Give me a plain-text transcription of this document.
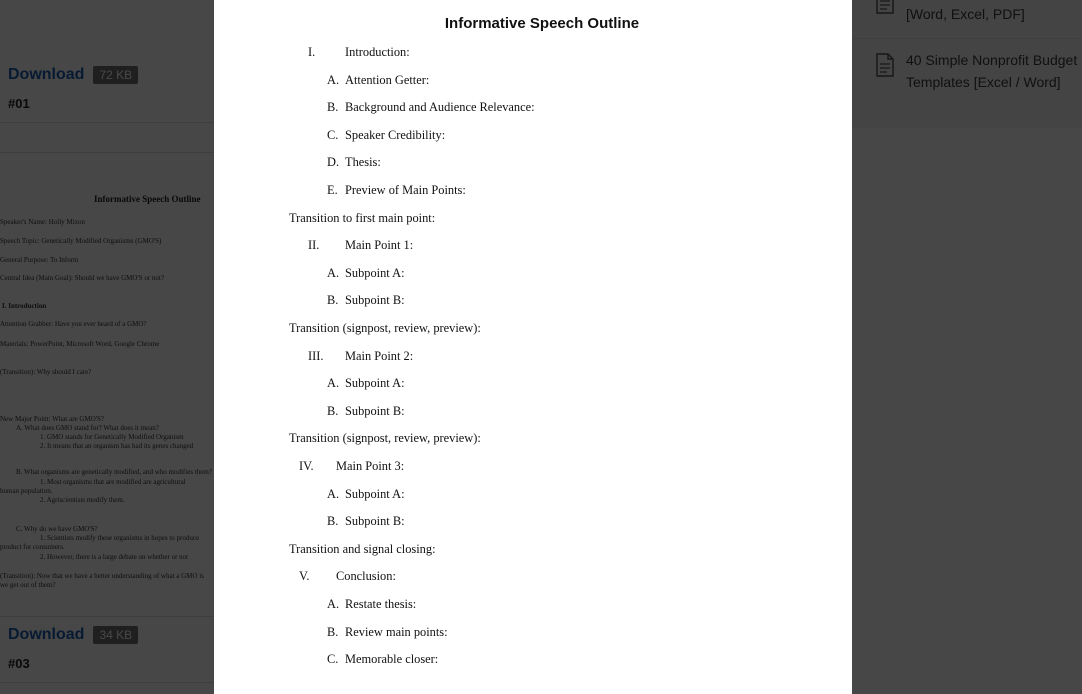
Informative Speech Outline
I. Introduction:
A. Attention Getter:
B. Background and Audience Relevance:
C. Speaker Credibility:
D. Thesis:
E. Preview of Main Points:
Transition to first main point:
II. Main Point 1:
A. Subpoint A:
B. Subpoint B:
Transition (signpost, review, preview):
III. Main Point 2:
A. Subpoint A:
B. Subpoint B:
Transition (signpost, review, preview):
IV. Main Point 3:
A. Subpoint A:
B. Subpoint B:
Transition and signal closing:
V. Conclusion:
A. Restate thesis:
B. Review main points:
C. Memorable closer:
